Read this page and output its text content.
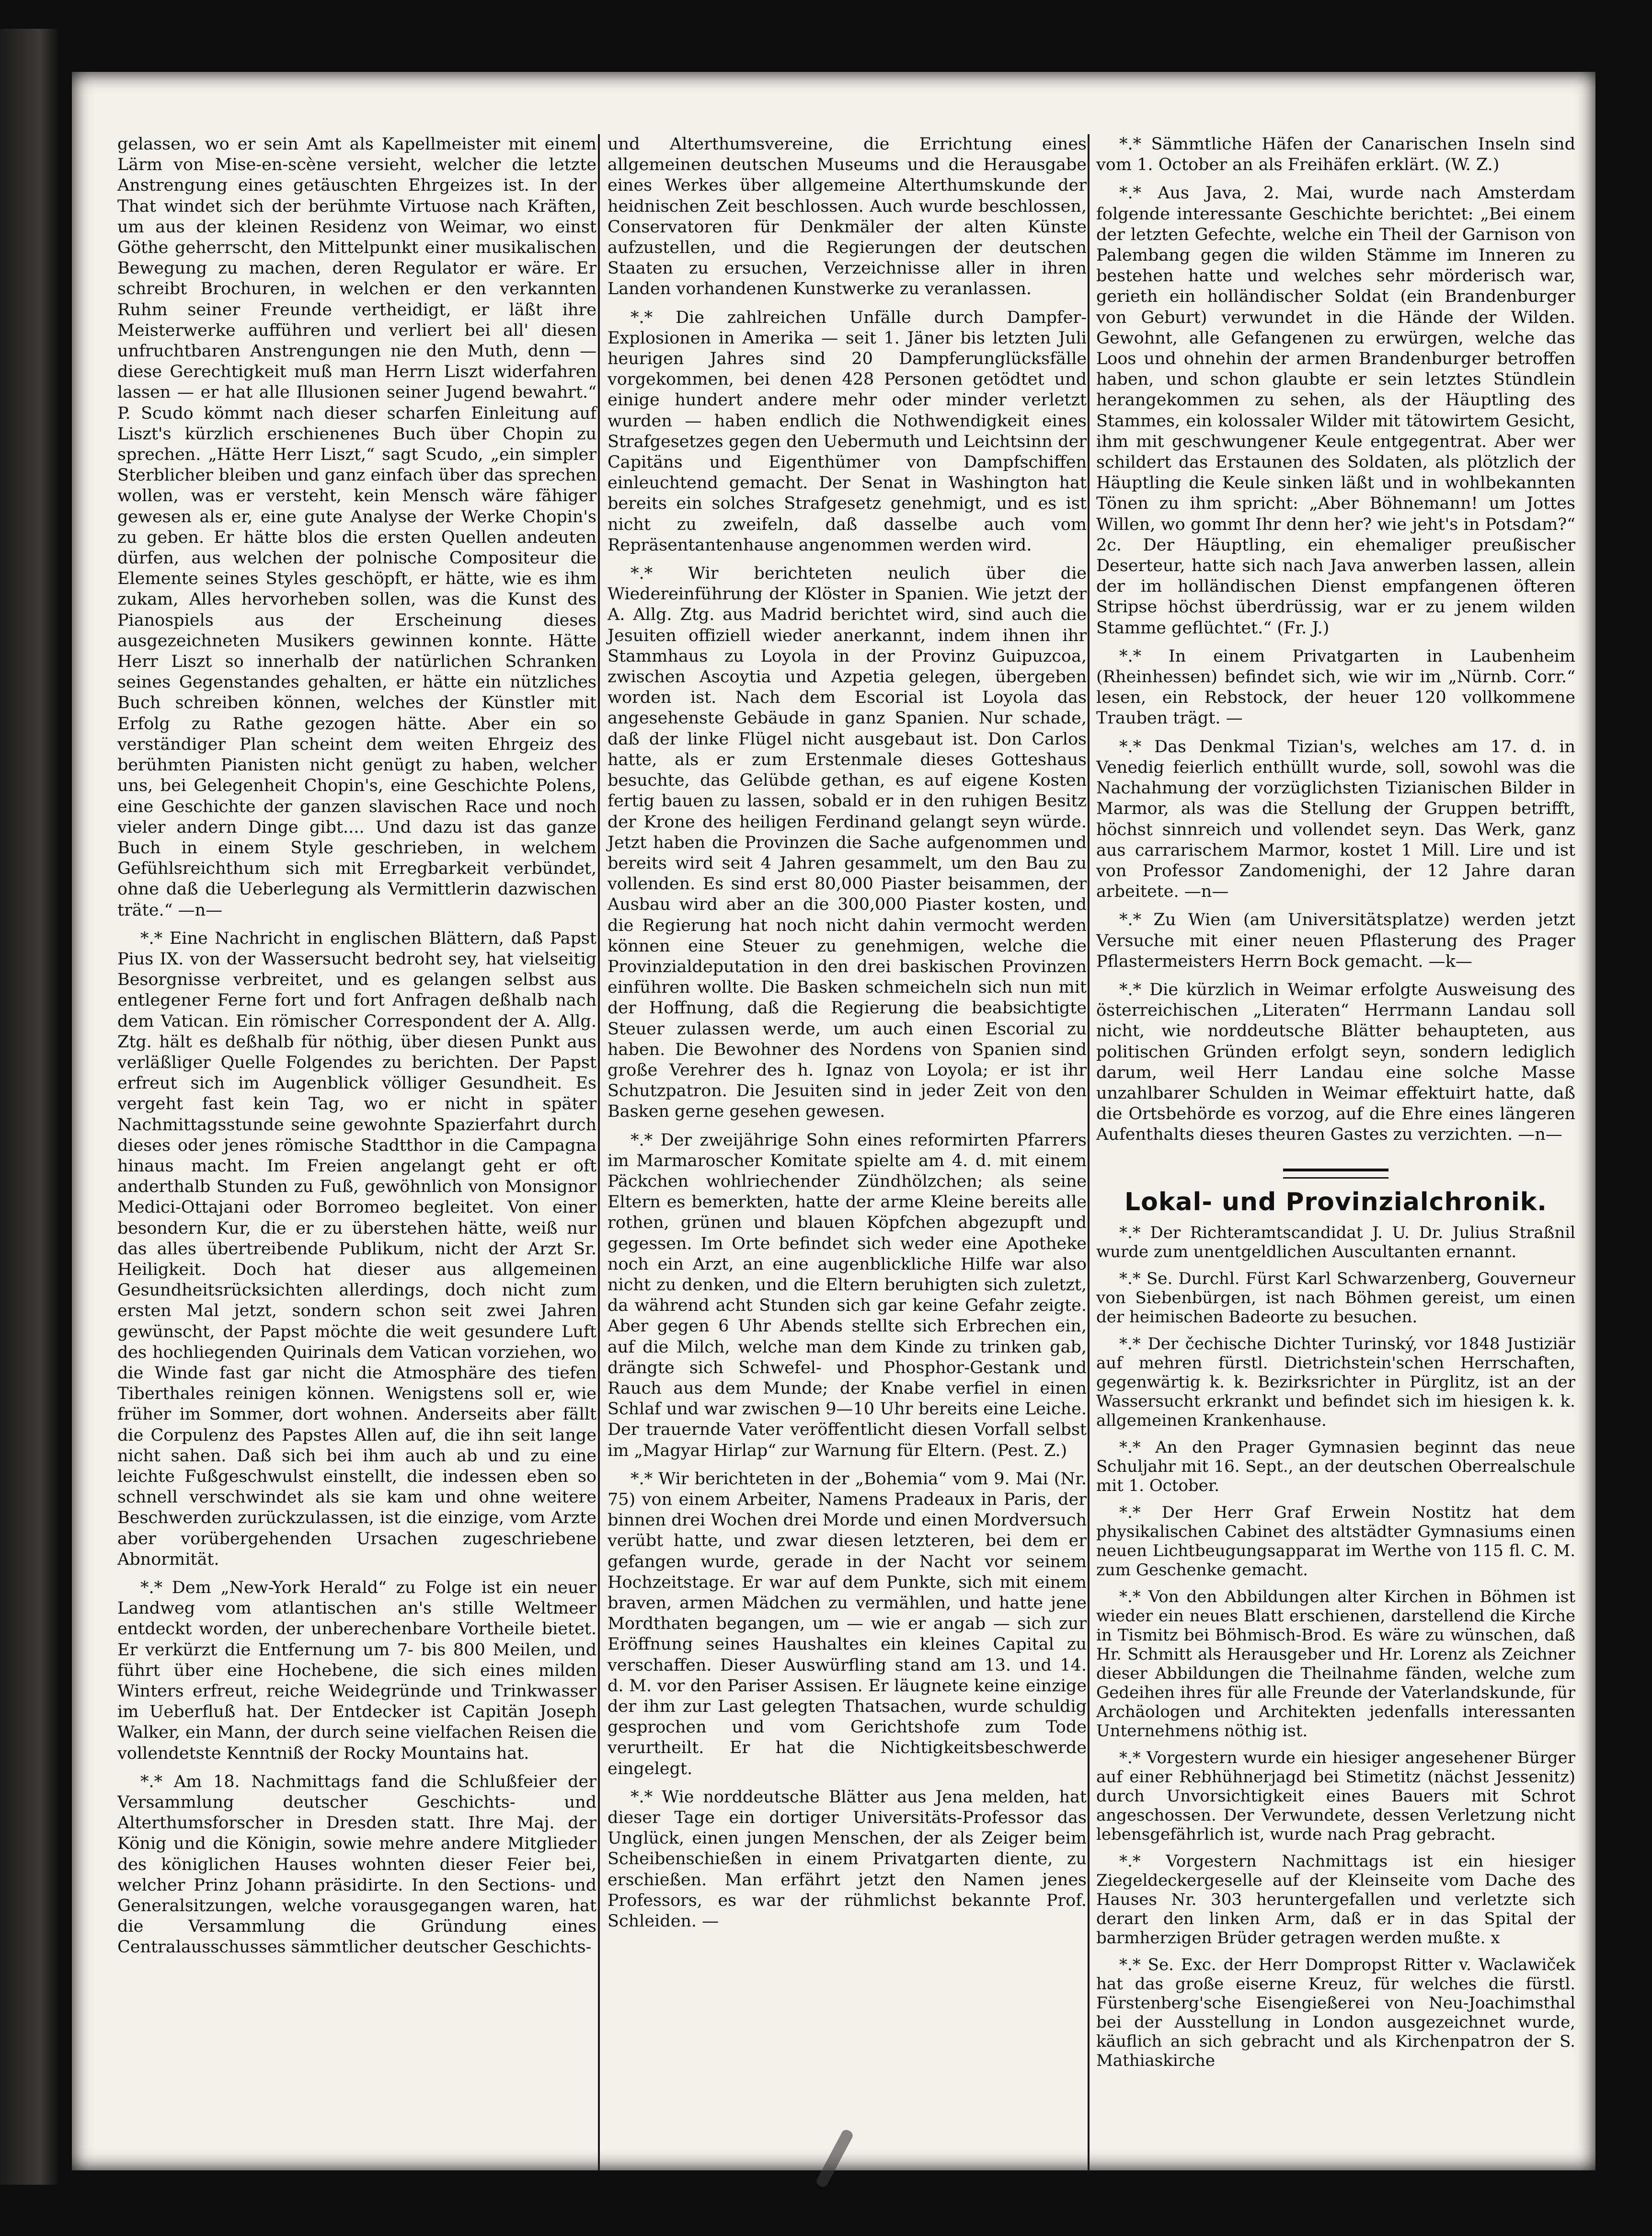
gelassen, wo er sein Amt als Kapellmeister mit einem Lärm von Mise-en-scène versieht, welcher die letzte Anstrengung eines getäuschten Ehrgeizes ist. In der That windet sich der berühmte Virtuose nach Kräften, um aus der kleinen Residenz von Weimar, wo einst Göthe geherrscht, den Mittelpunkt einer musikalischen Bewegung zu machen, deren Regulator er wäre. Er schreibt Brochuren, in welchen er den verkannten Ruhm seiner Freunde vertheidigt, er läßt ihre Meisterwerke aufführen und verliert bei all' diesen unfruchtbaren Anstrengungen nie den Muth, denn — diese Gerechtigkeit muß man Herrn Liszt widerfahren lassen — er hat alle Illusionen seiner Jugend bewahrt.“ P. Scudo kömmt nach dieser scharfen Einleitung auf Liszt's kürzlich erschienenes Buch über Chopin zu sprechen. „Hätte Herr Liszt,“ sagt Scudo, „ein simpler Sterblicher bleiben und ganz einfach über das sprechen wollen, was er versteht, kein Mensch wäre fähiger gewesen als er, eine gute Analyse der Werke Chopin's zu geben. Er hätte blos die ersten Quellen andeuten dürfen, aus welchen der polnische Compositeur die Elemente seines Styles geschöpft, er hätte, wie es ihm zukam, Alles hervorheben sollen, was die Kunst des Pianospiels aus der Erscheinung dieses ausgezeichneten Musikers gewinnen konnte. Hätte Herr Liszt so innerhalb der natürlichen Schranken seines Gegenstandes gehalten, er hätte ein nützliches Buch schreiben können, welches der Künstler mit Erfolg zu Rathe gezogen hätte. Aber ein so verständiger Plan scheint dem weiten Ehrgeiz des berühmten Pianisten nicht genügt zu haben, welcher uns, bei Gelegenheit Chopin's, eine Geschichte Polens, eine Geschichte der ganzen slavischen Race und noch vieler andern Dinge gibt.... Und dazu ist das ganze Buch in einem Style geschrieben, in welchem Gefühlsreichthum sich mit Erregbarkeit verbündet, ohne daß die Ueberlegung als Vermittlerin dazwischen träte.“ —n—

*.* Eine Nachricht in englischen Blättern, daß Papst Pius IX. von der Wassersucht bedroht sey, hat vielseitig Besorgnisse verbreitet, und es gelangen selbst aus entlegener Ferne fort und fort Anfragen deßhalb nach dem Vatican. Ein römischer Correspondent der A. Allg. Ztg. hält es deßhalb für nöthig, über diesen Punkt aus verläßliger Quelle Folgendes zu berichten. Der Papst erfreut sich im Augenblick völliger Gesundheit. Es vergeht fast kein Tag, wo er nicht in später Nachmittagsstunde seine gewohnte Spazierfahrt durch dieses oder jenes römische Stadtthor in die Campagna hinaus macht. Im Freien angelangt geht er oft anderthalb Stunden zu Fuß, gewöhnlich von Monsignor Medici-Ottajani oder Borromeo begleitet. Von einer besondern Kur, die er zu überstehen hätte, weiß nur das alles übertreibende Publikum, nicht der Arzt Sr. Heiligkeit. Doch hat dieser aus allgemeinen Gesundheitsrücksichten allerdings, doch nicht zum ersten Mal jetzt, sondern schon seit zwei Jahren gewünscht, der Papst möchte die weit gesundere Luft des hochliegenden Quirinals dem Vatican vorziehen, wo die Winde fast gar nicht die Atmosphäre des tiefen Tiberthales reinigen können. Wenigstens soll er, wie früher im Sommer, dort wohnen. Anderseits aber fällt die Corpulenz des Papstes Allen auf, die ihn seit lange nicht sahen. Daß sich bei ihm auch ab und zu eine leichte Fußgeschwulst einstellt, die indessen eben so schnell verschwindet als sie kam und ohne weitere Beschwerden zurückzulassen, ist die einzige, vom Arzte aber vorübergehenden Ursachen zugeschriebene Abnormität.

*.* Dem „New-York Herald“ zu Folge ist ein neuer Landweg vom atlantischen an's stille Weltmeer entdeckt worden, der unberechenbare Vortheile bietet. Er verkürzt die Entfernung um 7- bis 800 Meilen, und führt über eine Hochebene, die sich eines milden Winters erfreut, reiche Weidegründe und Trinkwasser im Ueberfluß hat. Der Entdecker ist Capitän Joseph Walker, ein Mann, der durch seine vielfachen Reisen die vollendetste Kenntniß der Rocky Mountains hat.

*.* Am 18. Nachmittags fand die Schlußfeier der Versammlung deutscher Geschichts- und Alterthumsforscher in Dresden statt. Ihre Maj. der König und die Königin, sowie mehre andere Mitglieder des königlichen Hauses wohnten dieser Feier bei, welcher Prinz Johann präsidirte. In den Sections- und Generalsitzungen, welche vorausgegangen waren, hat die Versammlung die Gründung eines Centralausschusses sämmtlicher deutscher Geschichts-

und Alterthumsvereine, die Errichtung eines allgemeinen deutschen Museums und die Herausgabe eines Werkes über allgemeine Alterthumskunde der heidnischen Zeit beschlossen. Auch wurde beschlossen, Conservatoren für Denkmäler der alten Künste aufzustellen, und die Regierungen der deutschen Staaten zu ersuchen, Verzeichnisse aller in ihren Landen vorhandenen Kunstwerke zu veranlassen.

*.* Die zahlreichen Unfälle durch Dampfer-Explosionen in Amerika — seit 1. Jäner bis letzten Juli heurigen Jahres sind 20 Dampferunglücksfälle vorgekommen, bei denen 428 Personen getödtet und einige hundert andere mehr oder minder verletzt wurden — haben endlich die Nothwendigkeit eines Strafgesetzes gegen den Uebermuth und Leichtsinn der Capitäns und Eigenthümer von Dampfschiffen einleuchtend gemacht. Der Senat in Washington hat bereits ein solches Strafgesetz genehmigt, und es ist nicht zu zweifeln, daß dasselbe auch vom Repräsentantenhause angenommen werden wird.

*.* Wir berichteten neulich über die Wiedereinführung der Klöster in Spanien. Wie jetzt der A. Allg. Ztg. aus Madrid berichtet wird, sind auch die Jesuiten offiziell wieder anerkannt, indem ihnen ihr Stammhaus zu Loyola in der Provinz Guipuzcoa, zwischen Ascoytia und Azpetia gelegen, übergeben worden ist. Nach dem Escorial ist Loyola das angesehenste Gebäude in ganz Spanien. Nur schade, daß der linke Flügel nicht ausgebaut ist. Don Carlos hatte, als er zum Erstenmale dieses Gotteshaus besuchte, das Gelübde gethan, es auf eigene Kosten fertig bauen zu lassen, sobald er in den ruhigen Besitz der Krone des heiligen Ferdinand gelangt seyn würde. Jetzt haben die Provinzen die Sache aufgenommen und bereits wird seit 4 Jahren gesammelt, um den Bau zu vollenden. Es sind erst 80,000 Piaster beisammen, der Ausbau wird aber an die 300,000 Piaster kosten, und die Regierung hat noch nicht dahin vermocht werden können eine Steuer zu genehmigen, welche die Provinzialdeputation in den drei baskischen Provinzen einführen wollte. Die Basken schmeicheln sich nun mit der Hoffnung, daß die Regierung die beabsichtigte Steuer zulassen werde, um auch einen Escorial zu haben. Die Bewohner des Nordens von Spanien sind große Verehrer des h. Ignaz von Loyola; er ist ihr Schutzpatron. Die Jesuiten sind in jeder Zeit von den Basken gerne gesehen gewesen.

*.* Der zweijährige Sohn eines reformirten Pfarrers im Marmaroscher Komitate spielte am 4. d. mit einem Päckchen wohlriechender Zündhölzchen; als seine Eltern es bemerkten, hatte der arme Kleine bereits alle rothen, grünen und blauen Köpfchen abgezupft und gegessen. Im Orte befindet sich weder eine Apotheke noch ein Arzt, an eine augenblickliche Hilfe war also nicht zu denken, und die Eltern beruhigten sich zuletzt, da während acht Stunden sich gar keine Gefahr zeigte. Aber gegen 6 Uhr Abends stellte sich Erbrechen ein, auf die Milch, welche man dem Kinde zu trinken gab, drängte sich Schwefel- und Phosphor-Gestank und Rauch aus dem Munde; der Knabe verfiel in einen Schlaf und war zwischen 9—10 Uhr bereits eine Leiche. Der trauernde Vater veröffentlicht diesen Vorfall selbst im „Magyar Hirlap“ zur Warnung für Eltern. (Pest. Z.)

*.* Wir berichteten in der „Bohemia“ vom 9. Mai (Nr. 75) von einem Arbeiter, Namens Pradeaux in Paris, der binnen drei Wochen drei Morde und einen Mordversuch verübt hatte, und zwar diesen letzteren, bei dem er gefangen wurde, gerade in der Nacht vor seinem Hochzeitstage. Er war auf dem Punkte, sich mit einem braven, armen Mädchen zu vermählen, und hatte jene Mordthaten begangen, um — wie er angab — sich zur Eröffnung seines Haushaltes ein kleines Capital zu verschaffen. Dieser Auswürfling stand am 13. und 14. d. M. vor den Pariser Assisen. Er läugnete keine einzige der ihm zur Last gelegten Thatsachen, wurde schuldig gesprochen und vom Gerichtshofe zum Tode verurtheilt. Er hat die Nichtigkeitsbeschwerde eingelegt.

*.* Wie norddeutsche Blätter aus Jena melden, hat dieser Tage ein dortiger Universitäts-Professor das Unglück, einen jungen Menschen, der als Zeiger beim Scheibenschießen in einem Privatgarten diente, zu erschießen. Man erfährt jetzt den Namen jenes Professors, es war der rühmlichst bekannte Prof. Schleiden. —

*.* Sämmtliche Häfen der Canarischen Inseln sind vom 1. October an als Freihäfen erklärt. (W. Z.)

*.* Aus Java, 2. Mai, wurde nach Amsterdam folgende interessante Geschichte berichtet: „Bei einem der letzten Gefechte, welche ein Theil der Garnison von Palembang gegen die wilden Stämme im Inneren zu bestehen hatte und welches sehr mörderisch war, gerieth ein holländischer Soldat (ein Brandenburger von Geburt) verwundet in die Hände der Wilden. Gewohnt, alle Gefangenen zu erwürgen, welche das Loos und ohnehin der armen Brandenburger betroffen haben, und schon glaubte er sein letztes Stündlein herangekommen zu sehen, als der Häuptling des Stammes, ein kolossaler Wilder mit tätowirtem Gesicht, ihm mit geschwungener Keule entgegentrat. Aber wer schildert das Erstaunen des Soldaten, als plötzlich der Häuptling die Keule sinken läßt und in wohlbekannten Tönen zu ihm spricht: „Aber Böhnemann! um Jottes Willen, wo gommt Ihr denn her? wie jeht's in Potsdam?“ 2c. Der Häuptling, ein ehemaliger preußischer Deserteur, hatte sich nach Java anwerben lassen, allein der im holländischen Dienst empfangenen öfteren Stripse höchst überdrüssig, war er zu jenem wilden Stamme geflüchtet.“ (Fr. J.)

*.* In einem Privatgarten in Laubenheim (Rheinhessen) befindet sich, wie wir im „Nürnb. Corr.“ lesen, ein Rebstock, der heuer 120 vollkommene Trauben trägt. —

*.* Das Denkmal Tizian's, welches am 17. d. in Venedig feierlich enthüllt wurde, soll, sowohl was die Nachahmung der vorzüglichsten Tizianischen Bilder in Marmor, als was die Stellung der Gruppen betrifft, höchst sinnreich und vollendet seyn. Das Werk, ganz aus carrarischem Marmor, kostet 1 Mill. Lire und ist von Professor Zandomenighi, der 12 Jahre daran arbeitete. —n—

*.* Zu Wien (am Universitätsplatze) werden jetzt Versuche mit einer neuen Pflasterung des Prager Pflastermeisters Herrn Bock gemacht. —k—

*.* Die kürzlich in Weimar erfolgte Ausweisung des österreichischen „Literaten“ Herrmann Landau soll nicht, wie norddeutsche Blätter behaupteten, aus politischen Gründen erfolgt seyn, sondern lediglich darum, weil Herr Landau eine solche Masse unzahlbarer Schulden in Weimar effektuirt hatte, daß die Ortsbehörde es vorzog, auf die Ehre eines längeren Aufenthalts dieses theuren Gastes zu verzichten. —n—

Lokal- und Provinzialchronik.

*.* Der Richteramtscandidat J. U. Dr. Julius Straßnil wurde zum unentgeldlichen Auscultanten ernannt.

*.* Se. Durchl. Fürst Karl Schwarzenberg, Gouverneur von Siebenbürgen, ist nach Böhmen gereist, um einen der heimischen Badeorte zu besuchen.

*.* Der čechische Dichter Turinský, vor 1848 Justiziär auf mehren fürstl. Dietrichstein'schen Herrschaften, gegenwärtig k. k. Bezirksrichter in Pürglitz, ist an der Wassersucht erkrankt und befindet sich im hiesigen k. k. allgemeinen Krankenhause.

*.* An den Prager Gymnasien beginnt das neue Schuljahr mit 16. Sept., an der deutschen Oberrealschule mit 1. October.

*.* Der Herr Graf Erwein Nostitz hat dem physikalischen Cabinet des altstädter Gymnasiums einen neuen Lichtbeugungsapparat im Werthe von 115 fl. C. M. zum Geschenke gemacht.

*.* Von den Abbildungen alter Kirchen in Böhmen ist wieder ein neues Blatt erschienen, darstellend die Kirche in Tismitz bei Böhmisch-Brod. Es wäre zu wünschen, daß Hr. Schmitt als Herausgeber und Hr. Lorenz als Zeichner dieser Abbildungen die Theilnahme fänden, welche zum Gedeihen ihres für alle Freunde der Vaterlandskunde, für Archäologen und Architekten jedenfalls interessanten Unternehmens nöthig ist.

*.* Vorgestern wurde ein hiesiger angesehener Bürger auf einer Rebhühnerjagd bei Stimetitz (nächst Jessenitz) durch Unvorsichtigkeit eines Bauers mit Schrot angeschossen. Der Verwundete, dessen Verletzung nicht lebensgefährlich ist, wurde nach Prag gebracht.

*.* Vorgestern Nachmittags ist ein hiesiger Ziegeldeckergeselle auf der Kleinseite vom Dache des Hauses Nr. 303 heruntergefallen und verletzte sich derart den linken Arm, daß er in das Spital der barmherzigen Brüder getragen werden mußte. x

*.* Se. Exc. der Herr Dompropst Ritter v. Waclawiček hat das große eiserne Kreuz, für welches die fürstl. Fürstenberg'sche Eisengießerei von Neu-Joachimsthal bei der Ausstellung in London ausgezeichnet wurde, käuflich an sich gebracht und als Kirchenpatron der S. Mathiaskirche
